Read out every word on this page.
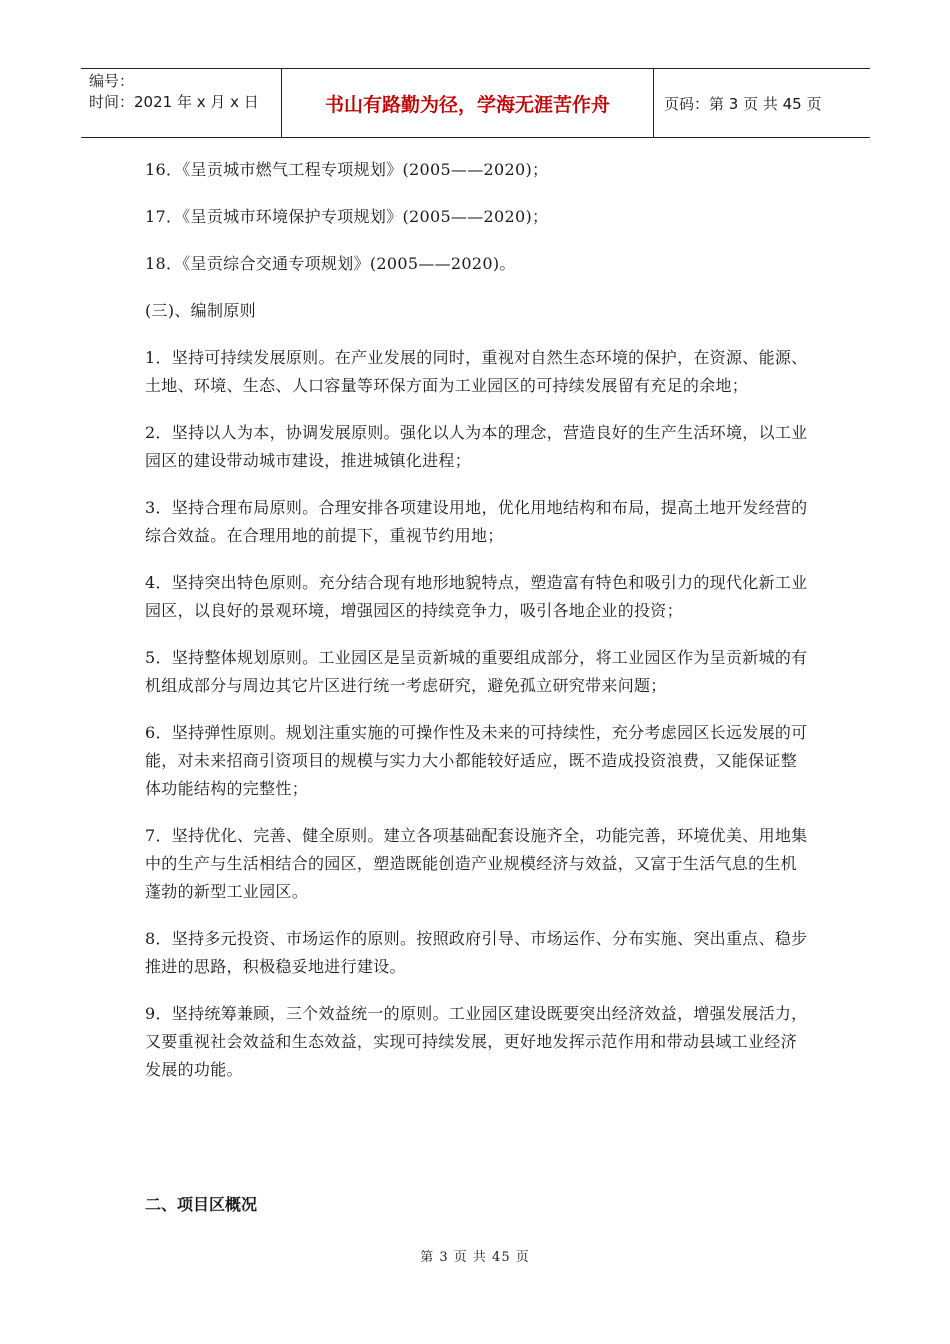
编号：
时间：2021 年 x 月 x 日	书山有路勤为径，学海无涯苦作舟	页码：第 3 页 共 45 页
16．《呈贡城市燃气工程专项规划》(2005——2020)；
17．《呈贡城市环境保护专项规划》(2005——2020)；
18．《呈贡综合交通专项规划》(2005——2020)。
(三)、编制原则
1．坚持可持续发展原则。在产业发展的同时，重视对自然生态环境的保护，在资源、能源、土地、环境、生态、人口容量等环保方面为工业园区的可持续发展留有充足的余地；
2．坚持以人为本，协调发展原则。强化以人为本的理念，营造良好的生产生活环境，以工业园区的建设带动城市建设，推进城镇化进程；
3．坚持合理布局原则。合理安排各项建设用地，优化用地结构和布局，提高土地开发经营的综合效益。在合理用地的前提下，重视节约用地；
4．坚持突出特色原则。充分结合现有地形地貌特点，塑造富有特色和吸引力的现代化新工业园区，以良好的景观环境，增强园区的持续竞争力，吸引各地企业的投资；
5．坚持整体规划原则。工业园区是呈贡新城的重要组成部分，将工业园区作为呈贡新城的有机组成部分与周边其它片区进行统一考虑研究，避免孤立研究带来问题；
6．坚持弹性原则。规划注重实施的可操作性及未来的可持续性，充分考虑园区长远发展的可能，对未来招商引资项目的规模与实力大小都能较好适应，既不造成投资浪费，又能保证整体功能结构的完整性；
7．坚持优化、完善、健全原则。建立各项基础配套设施齐全，功能完善，环境优美、用地集中的生产与生活相结合的园区，塑造既能创造产业规模经济与效益，又富于生活气息的生机蓬勃的新型工业园区。
8．坚持多元投资、市场运作的原则。按照政府引导、市场运作、分布实施、突出重点、稳步推进的思路，积极稳妥地进行建设。
9．坚持统筹兼顾，三个效益统一的原则。工业园区建设既要突出经济效益，增强发展活力，又要重视社会效益和生态效益，实现可持续发展，更好地发挥示范作用和带动县域工业经济发展的功能。
二、项目区概况
第 3 页 共 45 页
